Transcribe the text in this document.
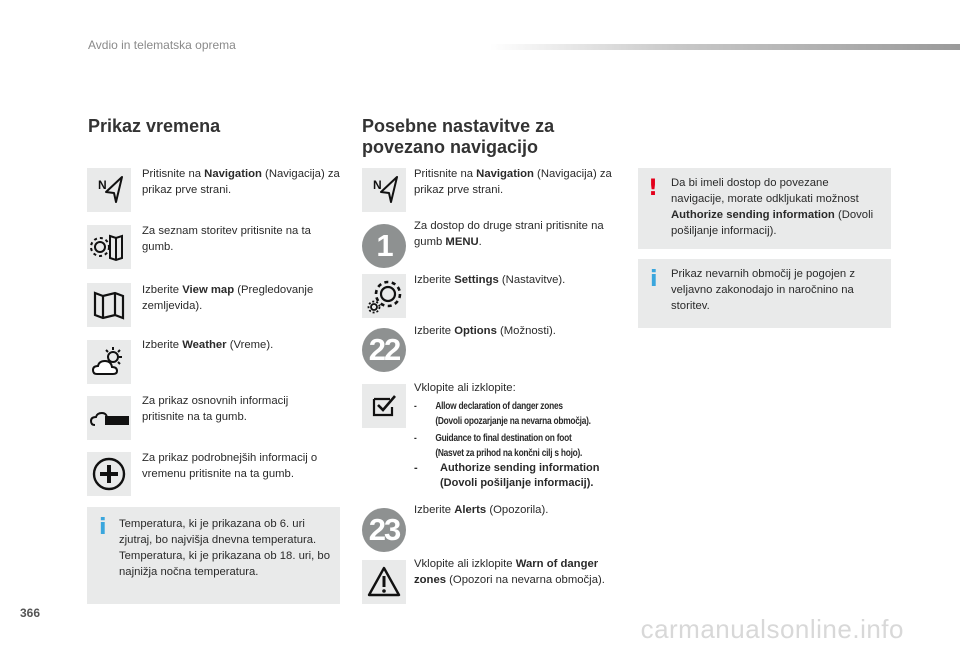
Avdio in telematska oprema
Prikaz vremena
N
Pritisnite na Navigation (Navigacija) za prikaz prve strani.
Za seznam storitev pritisnite na ta gumb.
Izberite View map (Pregledovanje zemljevida).
Izberite Weather (Vreme).
Za prikaz osnovnih informacij pritisnite na ta gumb.
Za prikaz podrobnejših informacij o vremenu pritisnite na ta gumb.
i Temperatura, ki je prikazana ob 6. uri zjutraj, bo najvišja dnevna temperatura. Temperatura, ki je prikazana ob 18. uri, bo najnižja nočna temperatura.
Posebne nastavitve za
povezano navigacijo
N
Pritisnite na Navigation (Navigacija) za prikaz prve strani.
1
Za dostop do druge strani pritisnite na gumb MENU.
Izberite Settings (Nastavitve).
22
Izberite Options (Možnosti).
Vklopite ali izklopite:
- Allow declaration of danger zones
(Dovoli opozarjanje na nevarna območja).
- Guidance to final destination on foot
(Nasvet za prihod na končni cilj s hojo).
- Authorize sending information
(Dovoli pošiljanje informacij).
23
Izberite Alerts (Opozorila).
Vklopite ali izklopite Warn of danger zones (Opozori na nevarna območja).
! Da bi imeli dostop do povezane navigacije, morate odkljukati možnost Authorize sending information (Dovoli pošiljanje informacij).
i Prikaz nevarnih območij je pogojen z veljavno zakonodajo in naročnino na storitev.
366
carmanualsonline.info
